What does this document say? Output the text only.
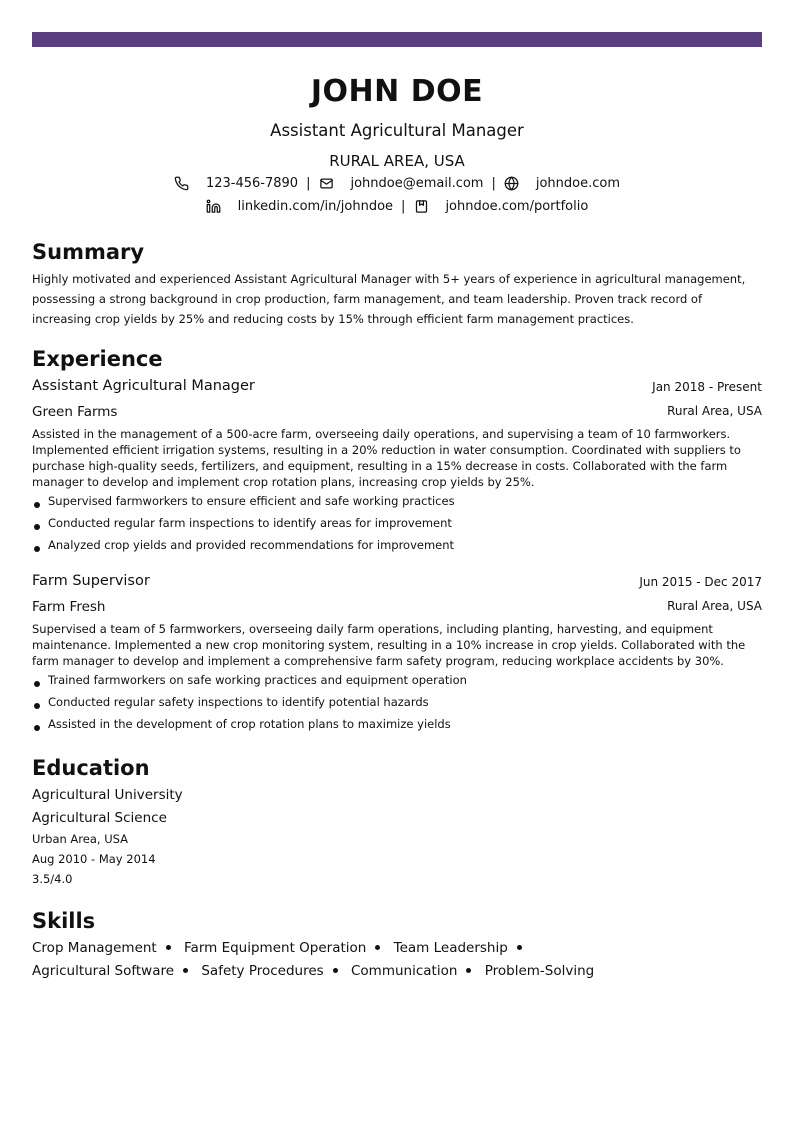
JOHN DOE
Assistant Agricultural Manager
RURAL AREA, USA
123-456-7890 |	johndoe@email.com |	johndoe.com
linkedin.com/in/johndoe |	johndoe.com/portfolio
Summary
Highly motivated and experienced Assistant Agricultural Manager with 5+ years of experience in agricultural management, possessing a strong background in crop production, farm management, and team leadership. Proven track record of increasing crop yields by 25% and reducing costs by 15% through efficient farm management practices.
Experience
Assistant Agricultural Manager	Jan 2018 - Present
Green Farms	Rural Area, USA
Assisted in the management of a 500-acre farm, overseeing daily operations, and supervising a team of 10 farmworkers. Implemented efficient irrigation systems, resulting in a 20% reduction in water consumption. Coordinated with suppliers to purchase high-quality seeds, fertilizers, and equipment, resulting in a 15% decrease in costs. Collaborated with the farm manager to develop and implement crop rotation plans, increasing crop yields by 25%.
Supervised farmworkers to ensure efficient and safe working practices
Conducted regular farm inspections to identify areas for improvement
Analyzed crop yields and provided recommendations for improvement
Farm Supervisor	Jun 2015 - Dec 2017
Farm Fresh	Rural Area, USA
Supervised a team of 5 farmworkers, overseeing daily farm operations, including planting, harvesting, and equipment maintenance. Implemented a new crop monitoring system, resulting in a 10% increase in crop yields. Collaborated with the farm manager to develop and implement a comprehensive farm safety program, reducing workplace accidents by 30%.
Trained farmworkers on safe working practices and equipment operation
Conducted regular safety inspections to identify potential hazards
Assisted in the development of crop rotation plans to maximize yields
Education
Agricultural University
Agricultural Science
Urban Area, USA
Aug 2010 - May 2014
3.5/4.0
Skills
Crop Management Farm Equipment Operation Team Leadership Agricultural Software Safety Procedures Communication Problem-Solving
